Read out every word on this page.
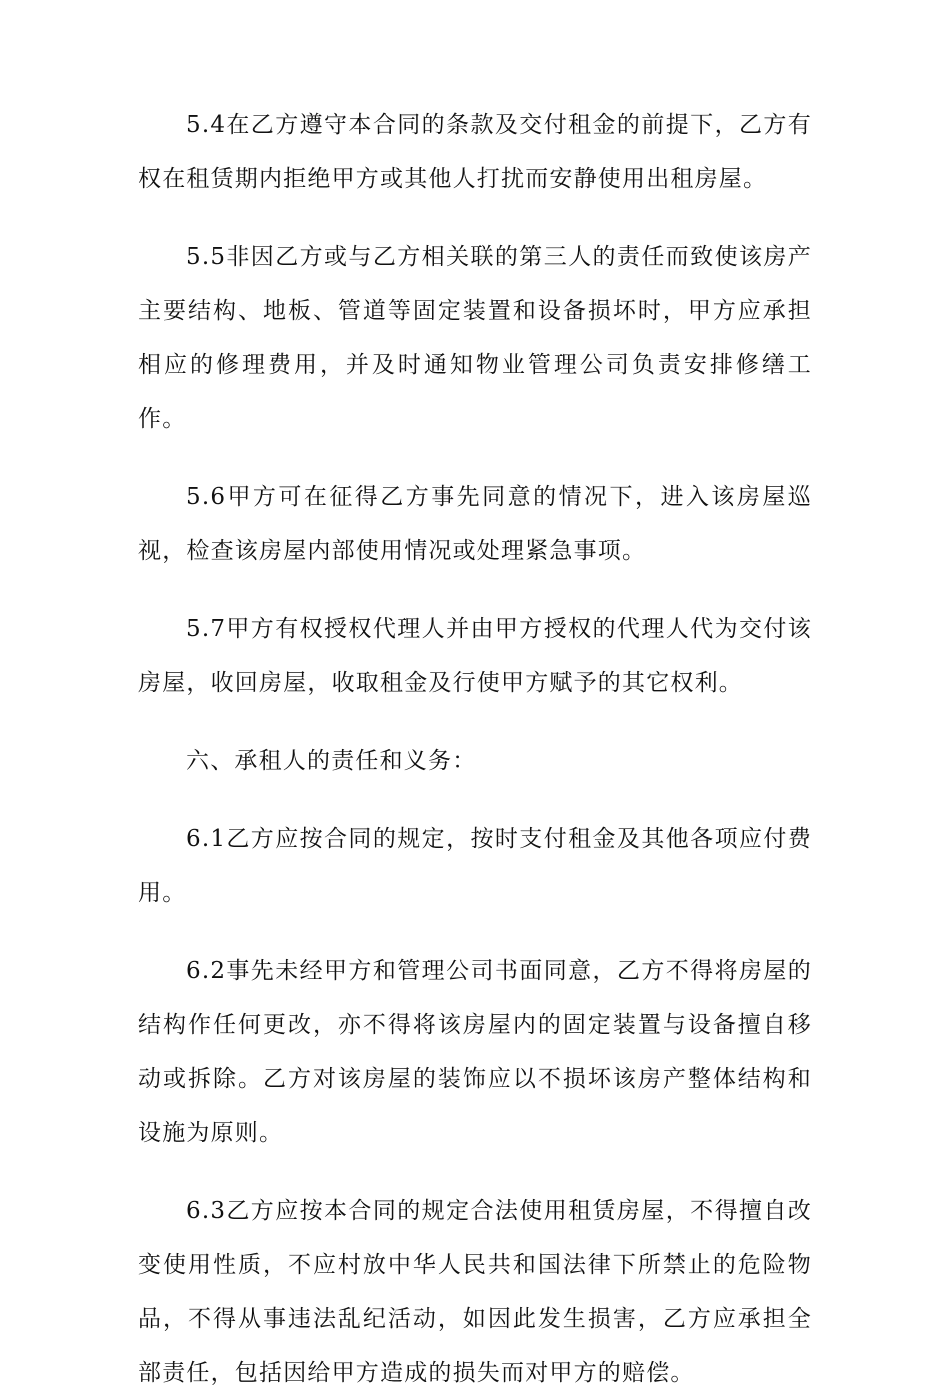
5.4在乙方遵守本合同的条款及交付租金的前提下，乙方有权在租赁期内拒绝甲方或其他人打扰而安静使用出租房屋。

5.5非因乙方或与乙方相关联的第三人的责任而致使该房产主要结构、地板、管道等固定装置和设备损坏时，甲方应承担相应的修理费用，并及时通知物业管理公司负责安排修缮工作。

5.6甲方可在征得乙方事先同意的情况下，进入该房屋巡视，检查该房屋内部使用情况或处理紧急事项。

5.7甲方有权授权代理人并由甲方授权的代理人代为交付该房屋，收回房屋，收取租金及行使甲方赋予的其它权利。

六、承租人的责任和义务：

6.1乙方应按合同的规定，按时支付租金及其他各项应付费用。

6.2事先未经甲方和管理公司书面同意，乙方不得将房屋的结构作任何更改，亦不得将该房屋内的固定装置与设备擅自移动或拆除。乙方对该房屋的装饰应以不损坏该房产整体结构和设施为原则。

6.3乙方应按本合同的规定合法使用租赁房屋，不得擅自改变使用性质，不应村放中华人民共和国法律下所禁止的危险物品，不得从事违法乱纪活动，如因此发生损害，乙方应承担全部责任，包括因给甲方造成的损失而对甲方的赔偿。
